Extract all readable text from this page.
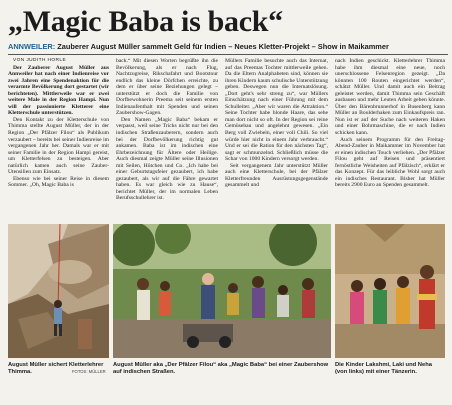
„Magic Baba is back“
ANNWEILER: Zauberer August Müller sammelt Geld für Indien – Neues Kletter-Projekt – Show in Maikammer

VON JUDITH HÖRLE

Der Zauberer August Müller aus Annweiler hat nach einer Indienreise vor zwei Jahren eine Spendenaktion für die verarmte Bevölkerung dort gestartet (wir berichteten). Mittlerweile war er zwei weitere Male in der Region Hampi. Nun will der passionierte Kletterer eine Kletterschule unterstützen.

Den Kontakt zu der Kletterschule von Thimma stellte August Müller, der in der Region „Der Pfälzer Filou“ als Publikum verzaubert – bereits bei seiner Indienreise im vergangenen Jahr her. Damals war er mit seiner Familie in der Region Hampi gereist, um Kletterfelsen zu besteigen. Aber natürlich kamen auch seine Zauber-Utensilien zum Einsatz.

Ebenso wie bei seiner Reise in diesem Sommer. „Oh, Magic Baba is

back.“ Mit diesen Worten begrüßte ihn die Bevölkerung, als er nach Flug, Nachtzugreise, Rikschafahrt und Bootstour endlich das kleine Dörfchen erreichte, zu dem er über seine Beziehungen gelegt – unterstützt er doch die Familie von Dorfbewohnerin Preema seit seinem ersten Indienaufenthalt mit Spenden und seinen Zaubershow-Gagen.

Den Namen „Magic Baba“ bekam er verpasst, weil seine Tricks nicht nur bei den indischen Straßenzauberern, sondern auch bei der Dorfbevölkerung richtig gut ankamen. Baba ist im indischen eine Ehrbezeichnung für Ältere oder Heilige. Auch diesmal zeigte Müller seine Illusionen mit Seilen, Hütchen und Co. „Ich habe bei einer Geburtstagsfeier gezaubert, ich habe gezaubert, als wir auf die Fähre gewartet haben. Es war gleich wie zu Hause“, berichtet Müller, der im normalen Leben Berufsschullehrer ist.

Müllers Familie besuchte auch das Internat, auf das Preemas Tochter mittlerweile gehen. Da die Eltern Analphabeten sind, können sie ihren Kindern kaum schulische Unterstützung geben. Deswegen nun die Internatslösung. „Dort geht's sehr streng zu“, war Müllers Einschätzung nach einer Führung mit dem Schulleiter. „Aber wir waren die Attraktion.“ Seine Tochter habe blonde Haare, das sehe man dort nicht so oft. In der Region sei reine Gemüsebau und angelehnt gewesen. „Ein Berg voll Zwiebeln, einer voll Chili. So viel würde hier nicht in einem Jahr verbraucht.“ Und er sei die Ration für den nächsten Tag“, sagt er schmunzelnd. Schließlich müsse die Schar von 1000 Kindern versorgt werden.

Seit vergangenem Jahr unterstützt Müller auch eine Kletterschule, bei der Pfälzer Kletterfreunden Ausrüstungsgegenstände gesammelt und

nach Indien geschickt. Kletterlehrer Thimma habe ihm diesmal eine neue, noch unerschlossene Felsenregion gezeigt. „Da könnten 100 Routen eingerichtet werden“, schätzt Müller. Und damit auch ein Beitrag geleistet werden, damit Thimma sein Geschäft ausbauen und mehr Leuten Arbeit geben könnte. Über den Bärenbrunnerhof in Busenberg kann Müller an Boulderhaken zum Einkaufspreis ran. Nun ist er auf der Suche nach weiteren Haken und einer Bohrmaschine, die er nach Indien schicken kann.

Auch seinem Programm für den Freitag-Abend-Zauber in Maikammer im November hat er einen indischen Touch verliehen. „Der Pfälzer Filou geht auf Reisen und präsentiert fernöstliche Weisheiten auf Pfälzisch“, erklärt er das Konzept. Für das leibliche Wohl sorgt auch ein indisches Restaurant. Bisher hat Müller bereits 2900 Euro an Spenden gesammelt.

August Müller sichert Kletterlehrer Thimma.	FOTOS: MÜLLER
August Müller aka „Der Pfälzer Filou“ aka „Magic Baba“ bei einer Zaubershow auf indischen Straßen.
Die Kinder Lakshmi, Laki und Neha (von links) mit einer Tänzerin.
